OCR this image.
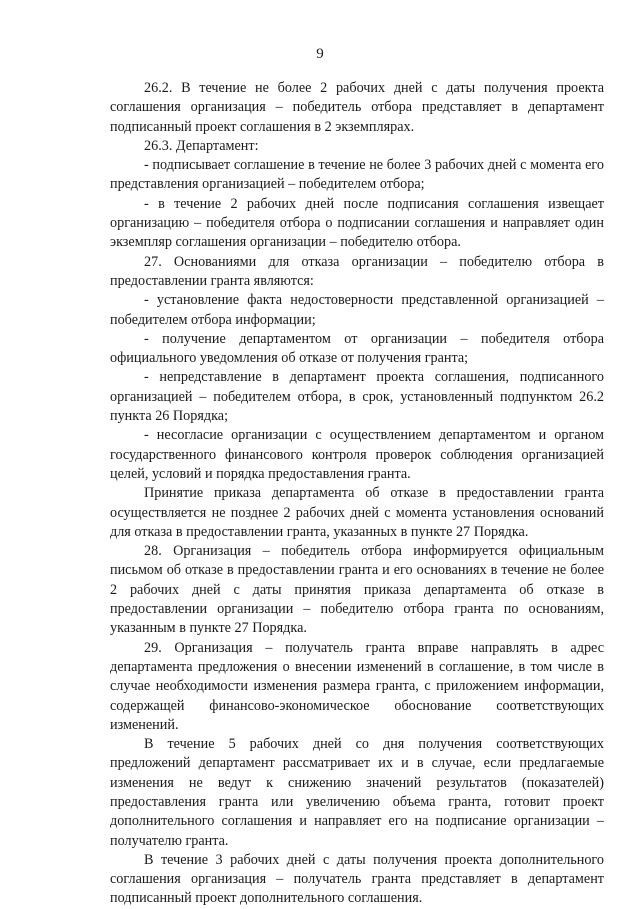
9

26.2. В течение не более 2 рабочих дней с даты получения проекта соглашения организация – победитель отбора представляет в департамент подписанный проект соглашения в 2 экземплярах.

26.3. Департамент:

- подписывает соглашение в течение не более 3 рабочих дней с момента его представления организацией – победителем отбора;

- в течение 2 рабочих дней после подписания соглашения извещает организацию – победителя отбора о подписании соглашения и направляет один экземпляр соглашения организации – победителю отбора.

27. Основаниями для отказа организации – победителю отбора в предоставлении гранта являются:

- установление факта недостоверности представленной организацией – победителем отбора информации;

- получение департаментом от организации – победителя отбора официального уведомления об отказе от получения гранта;

- непредставление в департамент проекта соглашения, подписанного организацией – победителем отбора, в срок, установленный подпунктом 26.2 пункта 26 Порядка;

- несогласие организации с осуществлением департаментом и органом государственного финансового контроля проверок соблюдения организацией целей, условий и порядка предоставления гранта.

Принятие приказа департамента об отказе в предоставлении гранта осуществляется не позднее 2 рабочих дней с момента установления оснований для отказа в предоставлении гранта, указанных в пункте 27 Порядка.

28. Организация – победитель отбора информируется официальным письмом об отказе в предоставлении гранта и его основаниях в течение не более 2 рабочих дней с даты принятия приказа департамента об отказе в предоставлении организации – победителю отбора гранта по основаниям, указанным в пункте 27 Порядка.

29. Организация – получатель гранта вправе направлять в адрес департамента предложения о внесении изменений в соглашение, в том числе в случае необходимости изменения размера гранта, с приложением информации, содержащей финансово-экономическое обоснование соответствующих изменений.

В течение 5 рабочих дней со дня получения соответствующих предложений департамент рассматривает их и в случае, если предлагаемые изменения не ведут к снижению значений результатов (показателей) предоставления гранта или увеличению объема гранта, готовит проект дополнительного соглашения и направляет его на подписание организации – получателю гранта.

В течение 3 рабочих дней с даты получения проекта дополнительного соглашения организация – получатель гранта представляет в департамент подписанный проект дополнительного соглашения.
